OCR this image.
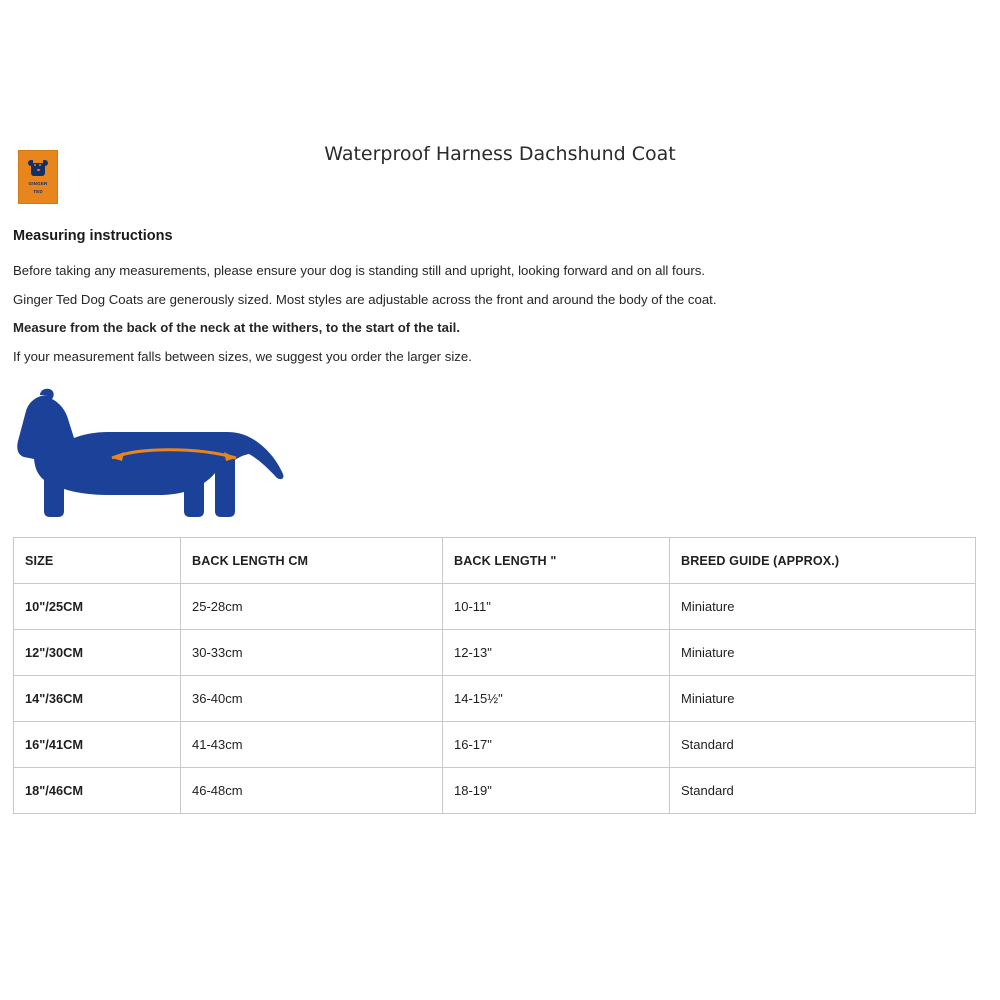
GINGER
TED
Waterproof Harness Dachshund Coat
Measuring instructions
Before taking any measurements, please ensure your dog is standing still and upright, looking forward and on all fours.
Ginger Ted Dog Coats are generously sized. Most styles are adjustable across the front and around the body of the coat.
Measure from the back of the neck at the withers, to the start of the tail.
If your measurement falls between sizes, we suggest you order the larger size.
SIZE	BACK LENGTH CM	BACK LENGTH "	BREED GUIDE (APPROX.)
10"/25CM	25-28cm	10-11"	Miniature
12"/30CM	30-33cm	12-13"	Miniature
14"/36CM	36-40cm	14-15½"	Miniature
16"/41CM	41-43cm	16-17"	Standard
18"/46CM	46-48cm	18-19"	Standard
